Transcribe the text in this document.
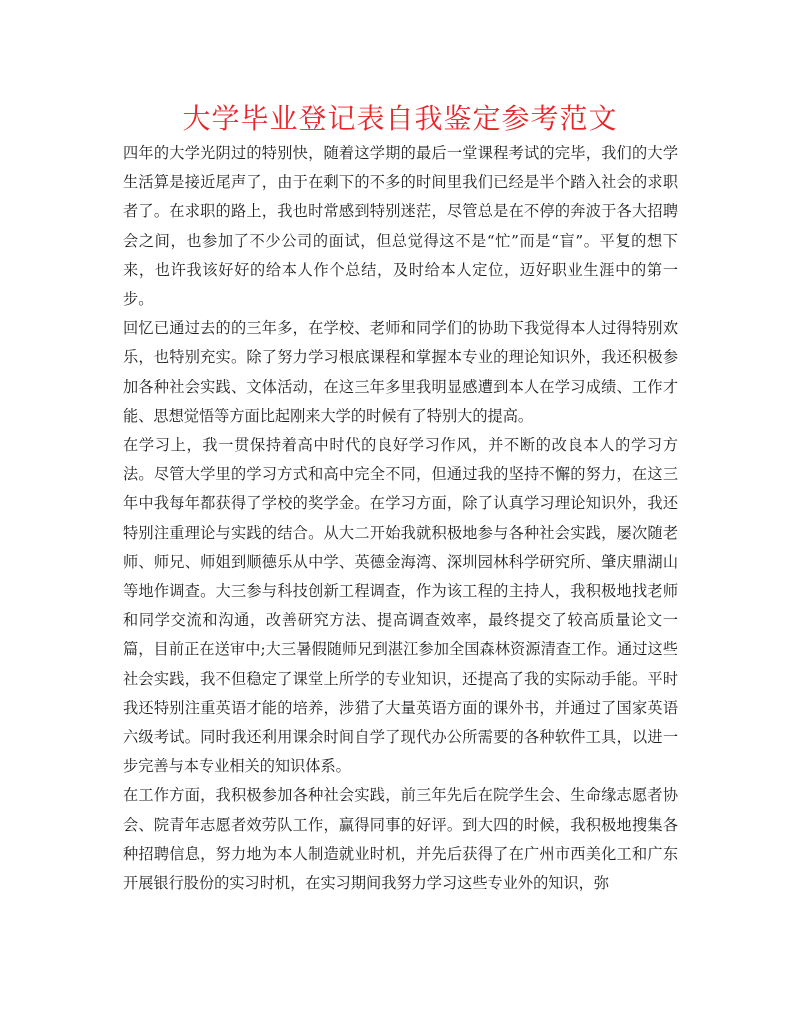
大学毕业登记表自我鉴定参考范文

四年的大学光阴过的特别快，随着这学期的最后一堂课程考试的完毕，我们的大学生活算是接近尾声了，由于在剩下的不多的时间里我们已经是半个踏入社会的求职者了。在求职的路上，我也时常感到特别迷茫，尽管总是在不停的奔波于各大招聘会之间，也参加了不少公司的面试，但总觉得这不是“忙”而是“盲”。平复的想下来，也许我该好好的给本人作个总结，及时给本人定位，迈好职业生涯中的第一步。

回忆已通过去的的三年多，在学校、老师和同学们的协助下我觉得本人过得特别欢乐，也特别充实。除了努力学习根底课程和掌握本专业的理论知识外，我还积极参加各种社会实践、文体活动，在这三年多里我明显感遭到本人在学习成绩、工作才能、思想觉悟等方面比起刚来大学的时候有了特别大的提高。

在学习上，我一贯保持着高中时代的良好学习作风，并不断的改良本人的学习方法。尽管大学里的学习方式和高中完全不同，但通过我的坚持不懈的努力，在这三年中我每年都获得了学校的奖学金。在学习方面，除了认真学习理论知识外，我还特别注重理论与实践的结合。从大二开始我就积极地参与各种社会实践，屡次随老师、师兄、师姐到顺德乐从中学、英德金海湾、深圳园林科学研究所、肇庆鼎湖山等地作调查。大三参与科技创新工程调查，作为该工程的主持人，我积极地找老师和同学交流和沟通，改善研究方法、提高调查效率，最终提交了较高质量论文一篇，目前正在送审中;大三暑假随师兄到湛江参加全国森林资源清查工作。通过这些社会实践，我不但稳定了课堂上所学的专业知识，还提高了我的实际动手能。平时我还特别注重英语才能的培养，涉猎了大量英语方面的课外书，并通过了国家英语六级考试。同时我还利用课余时间自学了现代办公所需要的各种软件工具，以进一步完善与本专业相关的知识体系。

在工作方面，我积极参加各种社会实践，前三年先后在院学生会、生命缘志愿者协会、院青年志愿者效劳队工作，赢得同事的好评。到大四的时候，我积极地搜集各种招聘信息，努力地为本人制造就业时机，并先后获得了在广州市西美化工和广东开展银行股份的实习时机，在实习期间我努力学习这些专业外的知识，弥
